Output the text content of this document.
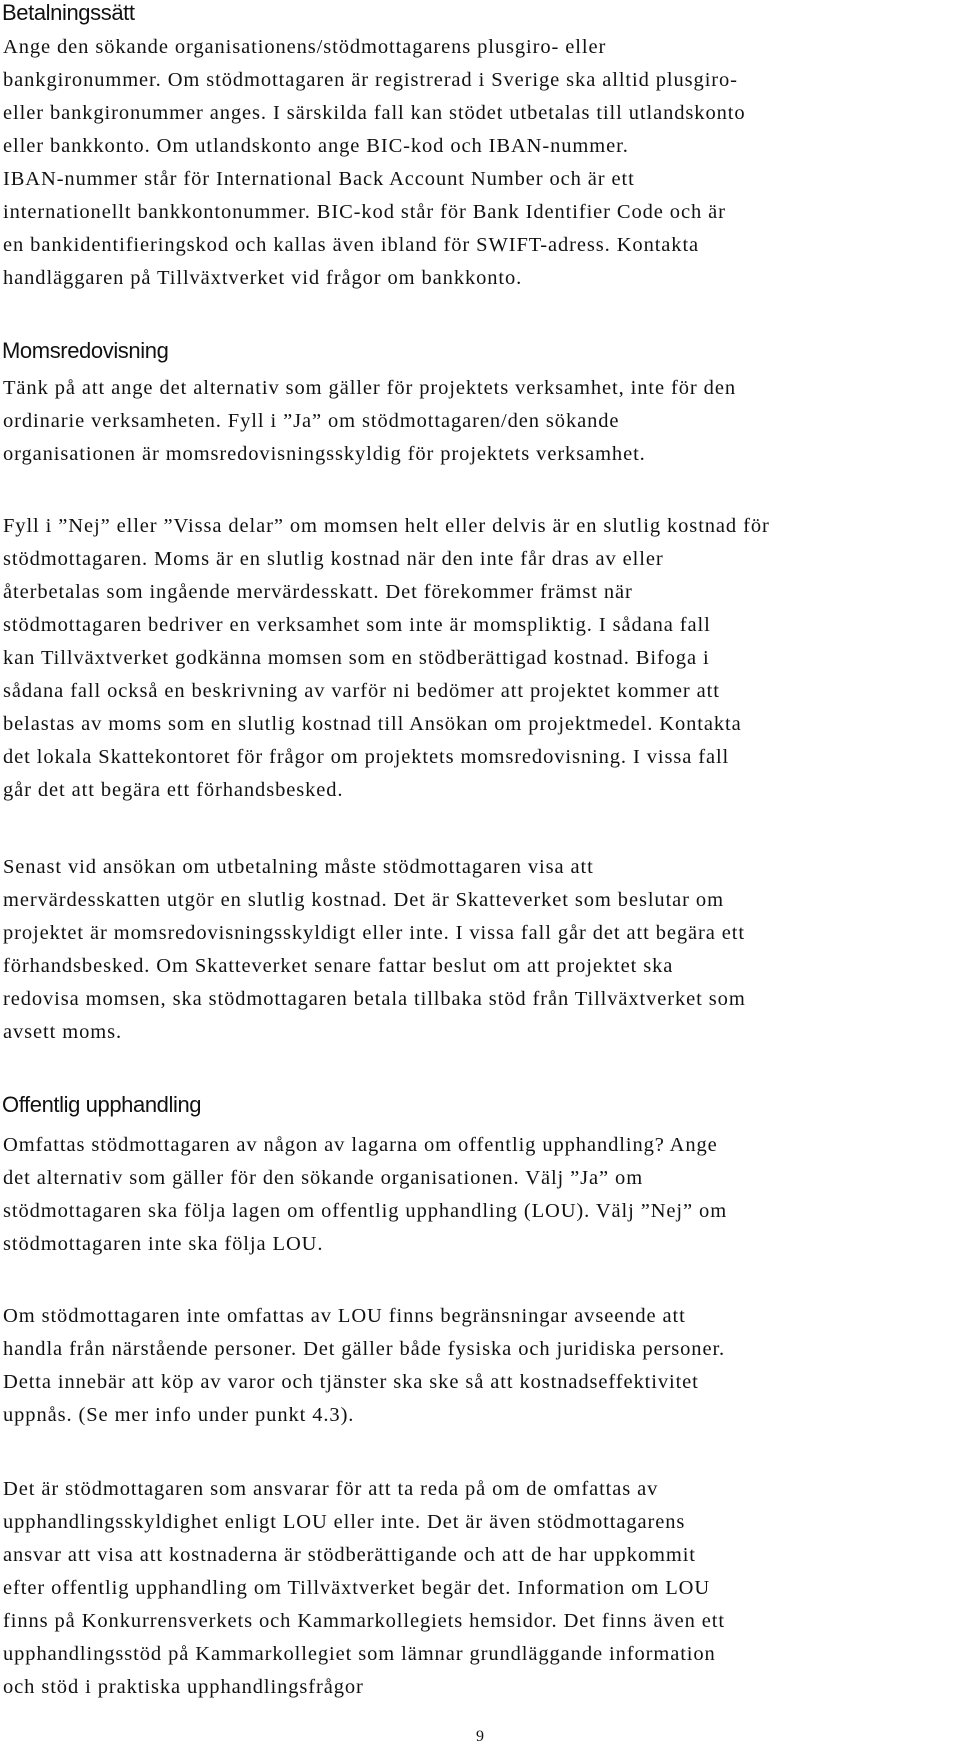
Betalningssätt

Ange den sökande organisationens/stödmottagarens plusgiro- eller
bankgironummer. Om stödmottagaren är registrerad i Sverige ska alltid plusgiro-
eller bankgironummer anges. I särskilda fall kan stödet utbetalas till utlandskonto
eller bankkonto. Om utlandskonto ange BIC-kod och IBAN-nummer.
IBAN-nummer står för International Back Account Number och är ett
internationellt bankkontonummer. BIC-kod står för Bank Identifier Code och är
en bankidentifieringskod och kallas även ibland för SWIFT-adress. Kontakta
handläggaren på Tillväxtverket vid frågor om bankkonto.

Momsredovisning

Tänk på att ange det alternativ som gäller för projektets verksamhet, inte för den
ordinarie verksamheten. Fyll i ”Ja” om stödmottagaren/den sökande
organisationen är momsredovisningsskyldig för projektets verksamhet.

Fyll i ”Nej” eller ”Vissa delar” om momsen helt eller delvis är en slutlig kostnad för
stödmottagaren. Moms är en slutlig kostnad när den inte får dras av eller
återbetalas som ingående mervärdesskatt. Det förekommer främst när
stödmottagaren bedriver en verksamhet som inte är momspliktig. I sådana fall
kan Tillväxtverket godkänna momsen som en stödberättigad kostnad. Bifoga i
sådana fall också en beskrivning av varför ni bedömer att projektet kommer att
belastas av moms som en slutlig kostnad till Ansökan om projektmedel. Kontakta
det lokala Skattekontoret för frågor om projektets momsredovisning. I vissa fall
går det att begära ett förhandsbesked.

Senast vid ansökan om utbetalning måste stödmottagaren visa att
mervärdesskatten utgör en slutlig kostnad. Det är Skatteverket som beslutar om
projektet är momsredovisningsskyldigt eller inte. I vissa fall går det att begära ett
förhandsbesked. Om Skatteverket senare fattar beslut om att projektet ska
redovisa momsen, ska stödmottagaren betala tillbaka stöd från Tillväxtverket som
avsett moms.

Offentlig upphandling

Omfattas stödmottagaren av någon av lagarna om offentlig upphandling? Ange
det alternativ som gäller för den sökande organisationen. Välj ”Ja” om
stödmottagaren ska följa lagen om offentlig upphandling (LOU). Välj ”Nej” om
stödmottagaren inte ska följa LOU.

Om stödmottagaren inte omfattas av LOU finns begränsningar avseende att
handla från närstående personer. Det gäller både fysiska och juridiska personer.
Detta innebär att köp av varor och tjänster ska ske så att kostnadseffektivitet
uppnås. (Se mer info under punkt 4.3).

Det är stödmottagaren som ansvarar för att ta reda på om de omfattas av
upphandlingsskyldighet enligt LOU eller inte. Det är även stödmottagarens
ansvar att visa att kostnaderna är stödberättigande och att de har uppkommit
efter offentlig upphandling om Tillväxtverket begär det. Information om LOU
finns på Konkurrensverkets och Kammarkollegiets hemsidor. Det finns även ett
upphandlingsstöd på Kammarkollegiet som lämnar grundläggande information
och stöd i praktiska upphandlingsfrågor

9
